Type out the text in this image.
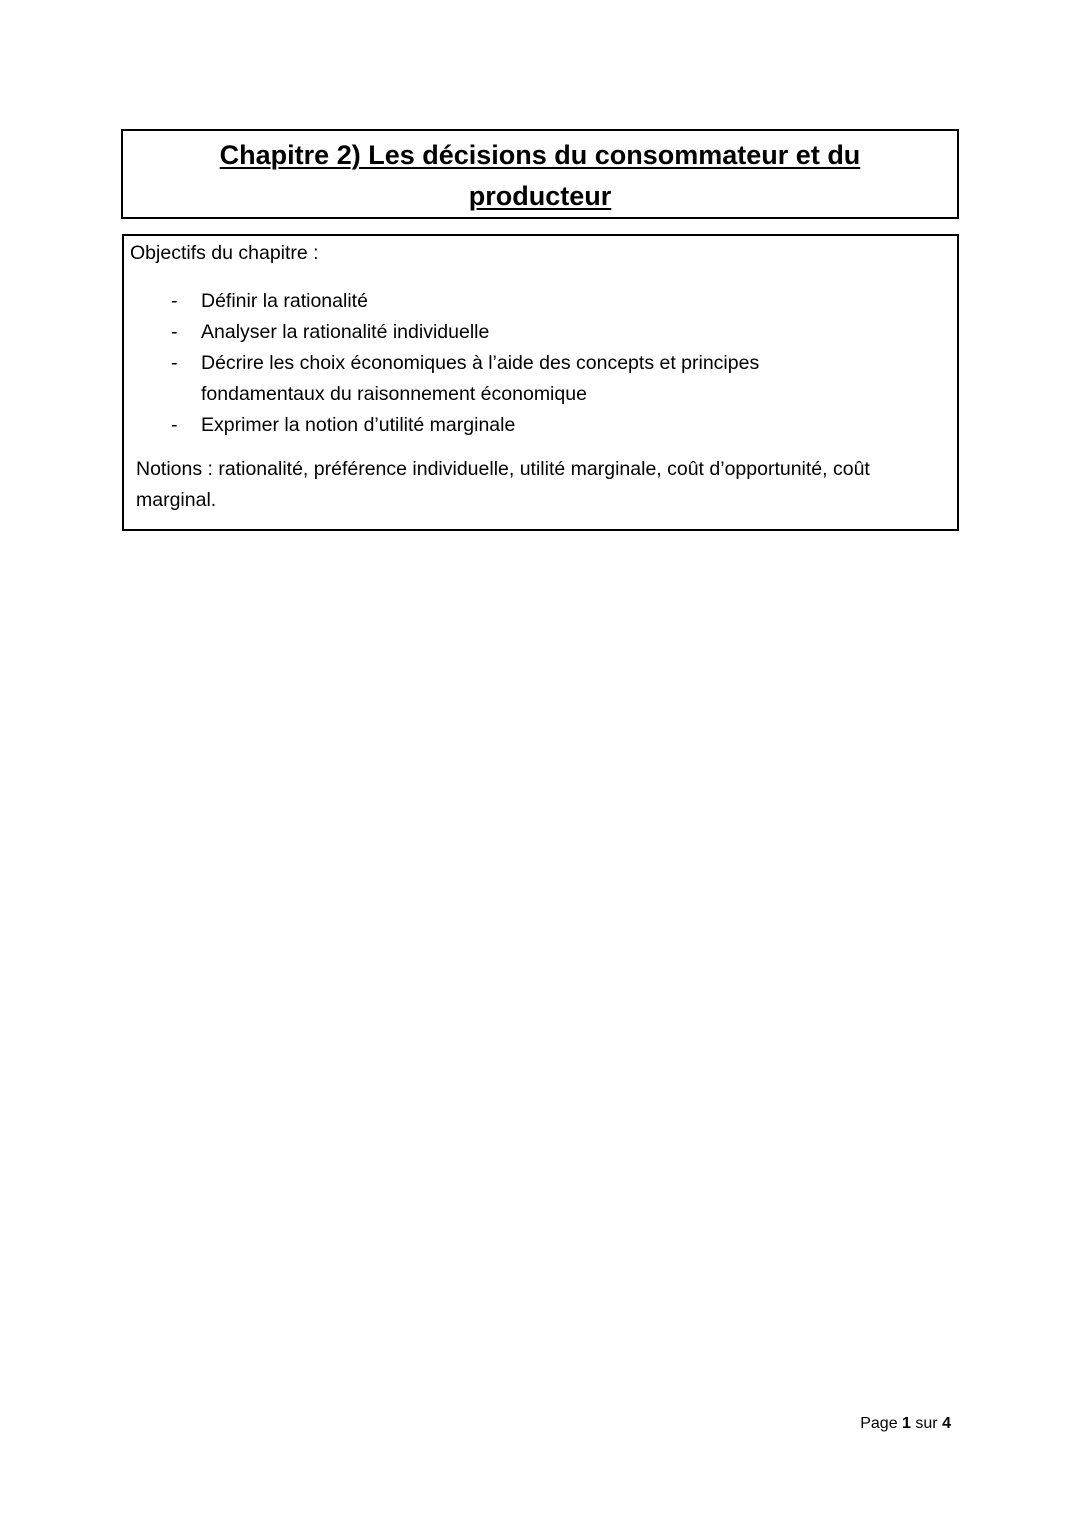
Chapitre 2) Les décisions du consommateur et du
producteur

Objectifs du chapitre :

- Définir la rationalité
- Analyser la rationalité individuelle
- Décrire les choix économiques à l’aide des concepts et principes fondamentaux du raisonnement économique
- Exprimer la notion d’utilité marginale

Notions : rationalité, préférence individuelle, utilité marginale, coût d’opportunité, coût marginal.

Page 1 sur 4
